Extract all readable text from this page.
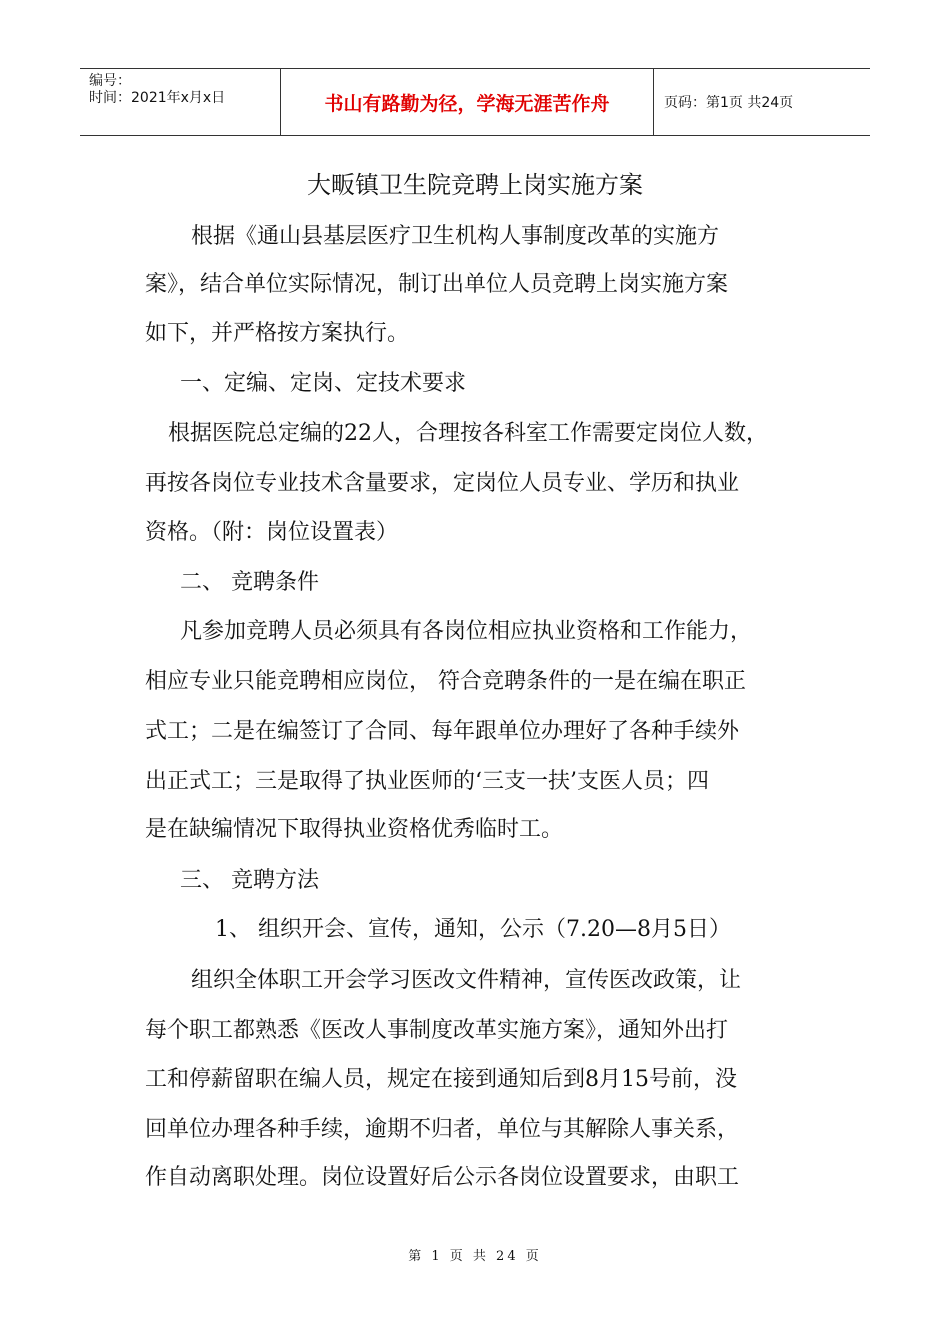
编号：
时间：2021年x月x日	书山有路勤为径，学海无涯苦作舟	页码：第1页 共24页
大畈镇卫生院竞聘上岗实施方案
根据《通山县基层医疗卫生机构人事制度改革的实施方
案》，结合单位实际情况，制订出单位人员竞聘上岗实施方案
如下，并严格按方案执行。
一、定编、定岗、定技术要求
根据医院总定编的22人，合理按各科室工作需要定岗位人数，
再按各岗位专业技术含量要求，定岗位人员专业、学历和执业
资格。（附：岗位设置表）
二、 竞聘条件
凡参加竞聘人员必须具有各岗位相应执业资格和工作能力，
相应专业只能竞聘相应岗位， 符合竞聘条件的一是在编在职正
式工；二是在编签订了合同、每年跟单位办理好了各种手续外
出正式工；三是取得了执业医师的‘三支一扶’支医人员；四
是在缺编情况下取得执业资格优秀临时工。
三、 竞聘方法
1、 组织开会、宣传，通知，公示（7.20—8月5日）
组织全体职工开会学习医改文件精神，宣传医改政策，让
每个职工都熟悉《医改人事制度改革实施方案》，通知外出打
工和停薪留职在编人员，规定在接到通知后到8月15号前，没
回单位办理各种手续，逾期不归者，单位与其解除人事关系，
作自动离职处理。岗位设置好后公示各岗位设置要求，由职工
第 1 页 共 24 页
